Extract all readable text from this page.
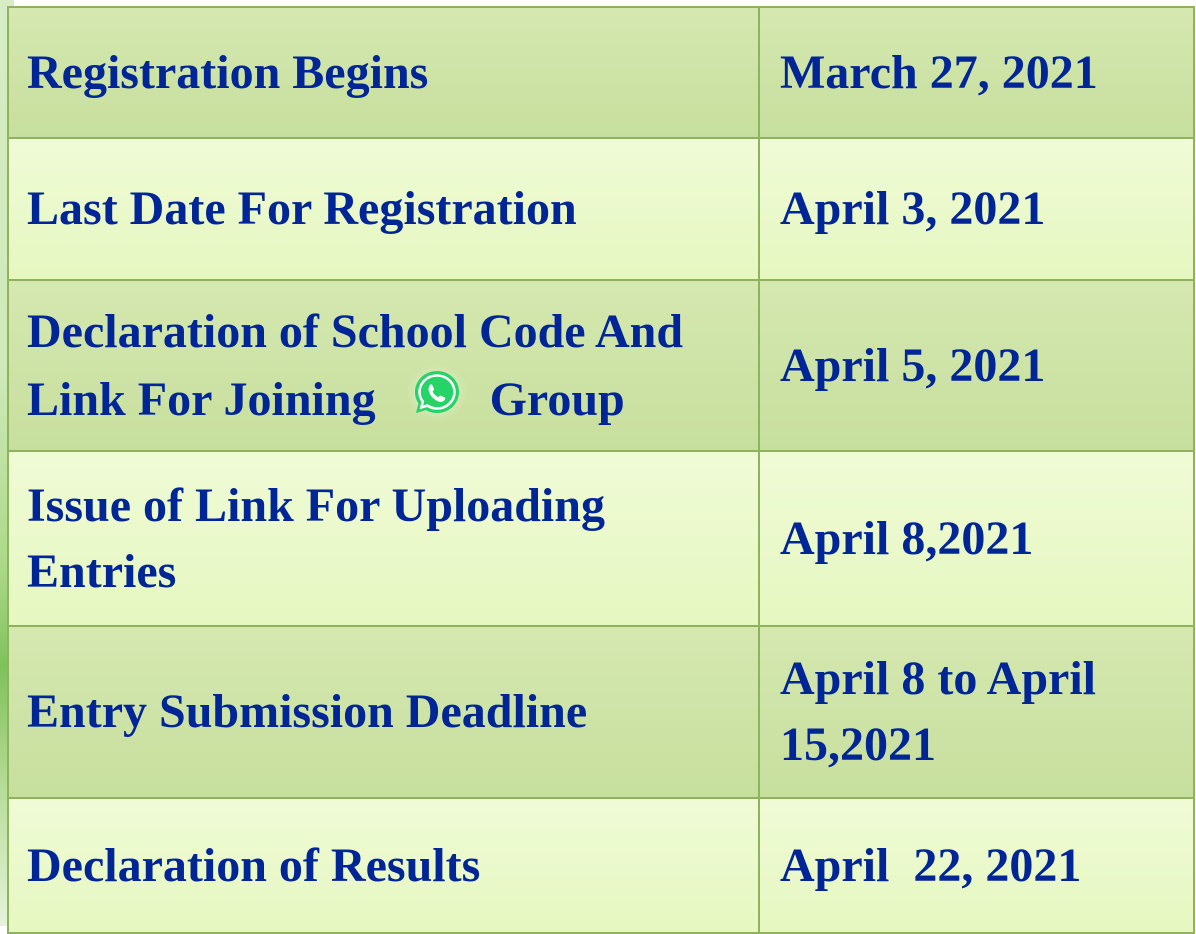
Registration Begins	March 27, 2021
Last Date For Registration	April 3, 2021

Declaration of School Code And
Link For Joining Group	April 5, 2021

Issue of Link For Uploading
Entries	April 8,2021
Entry Submission Deadline	April 8 to April
15,2021

Declaration of Results	April  22, 2021
